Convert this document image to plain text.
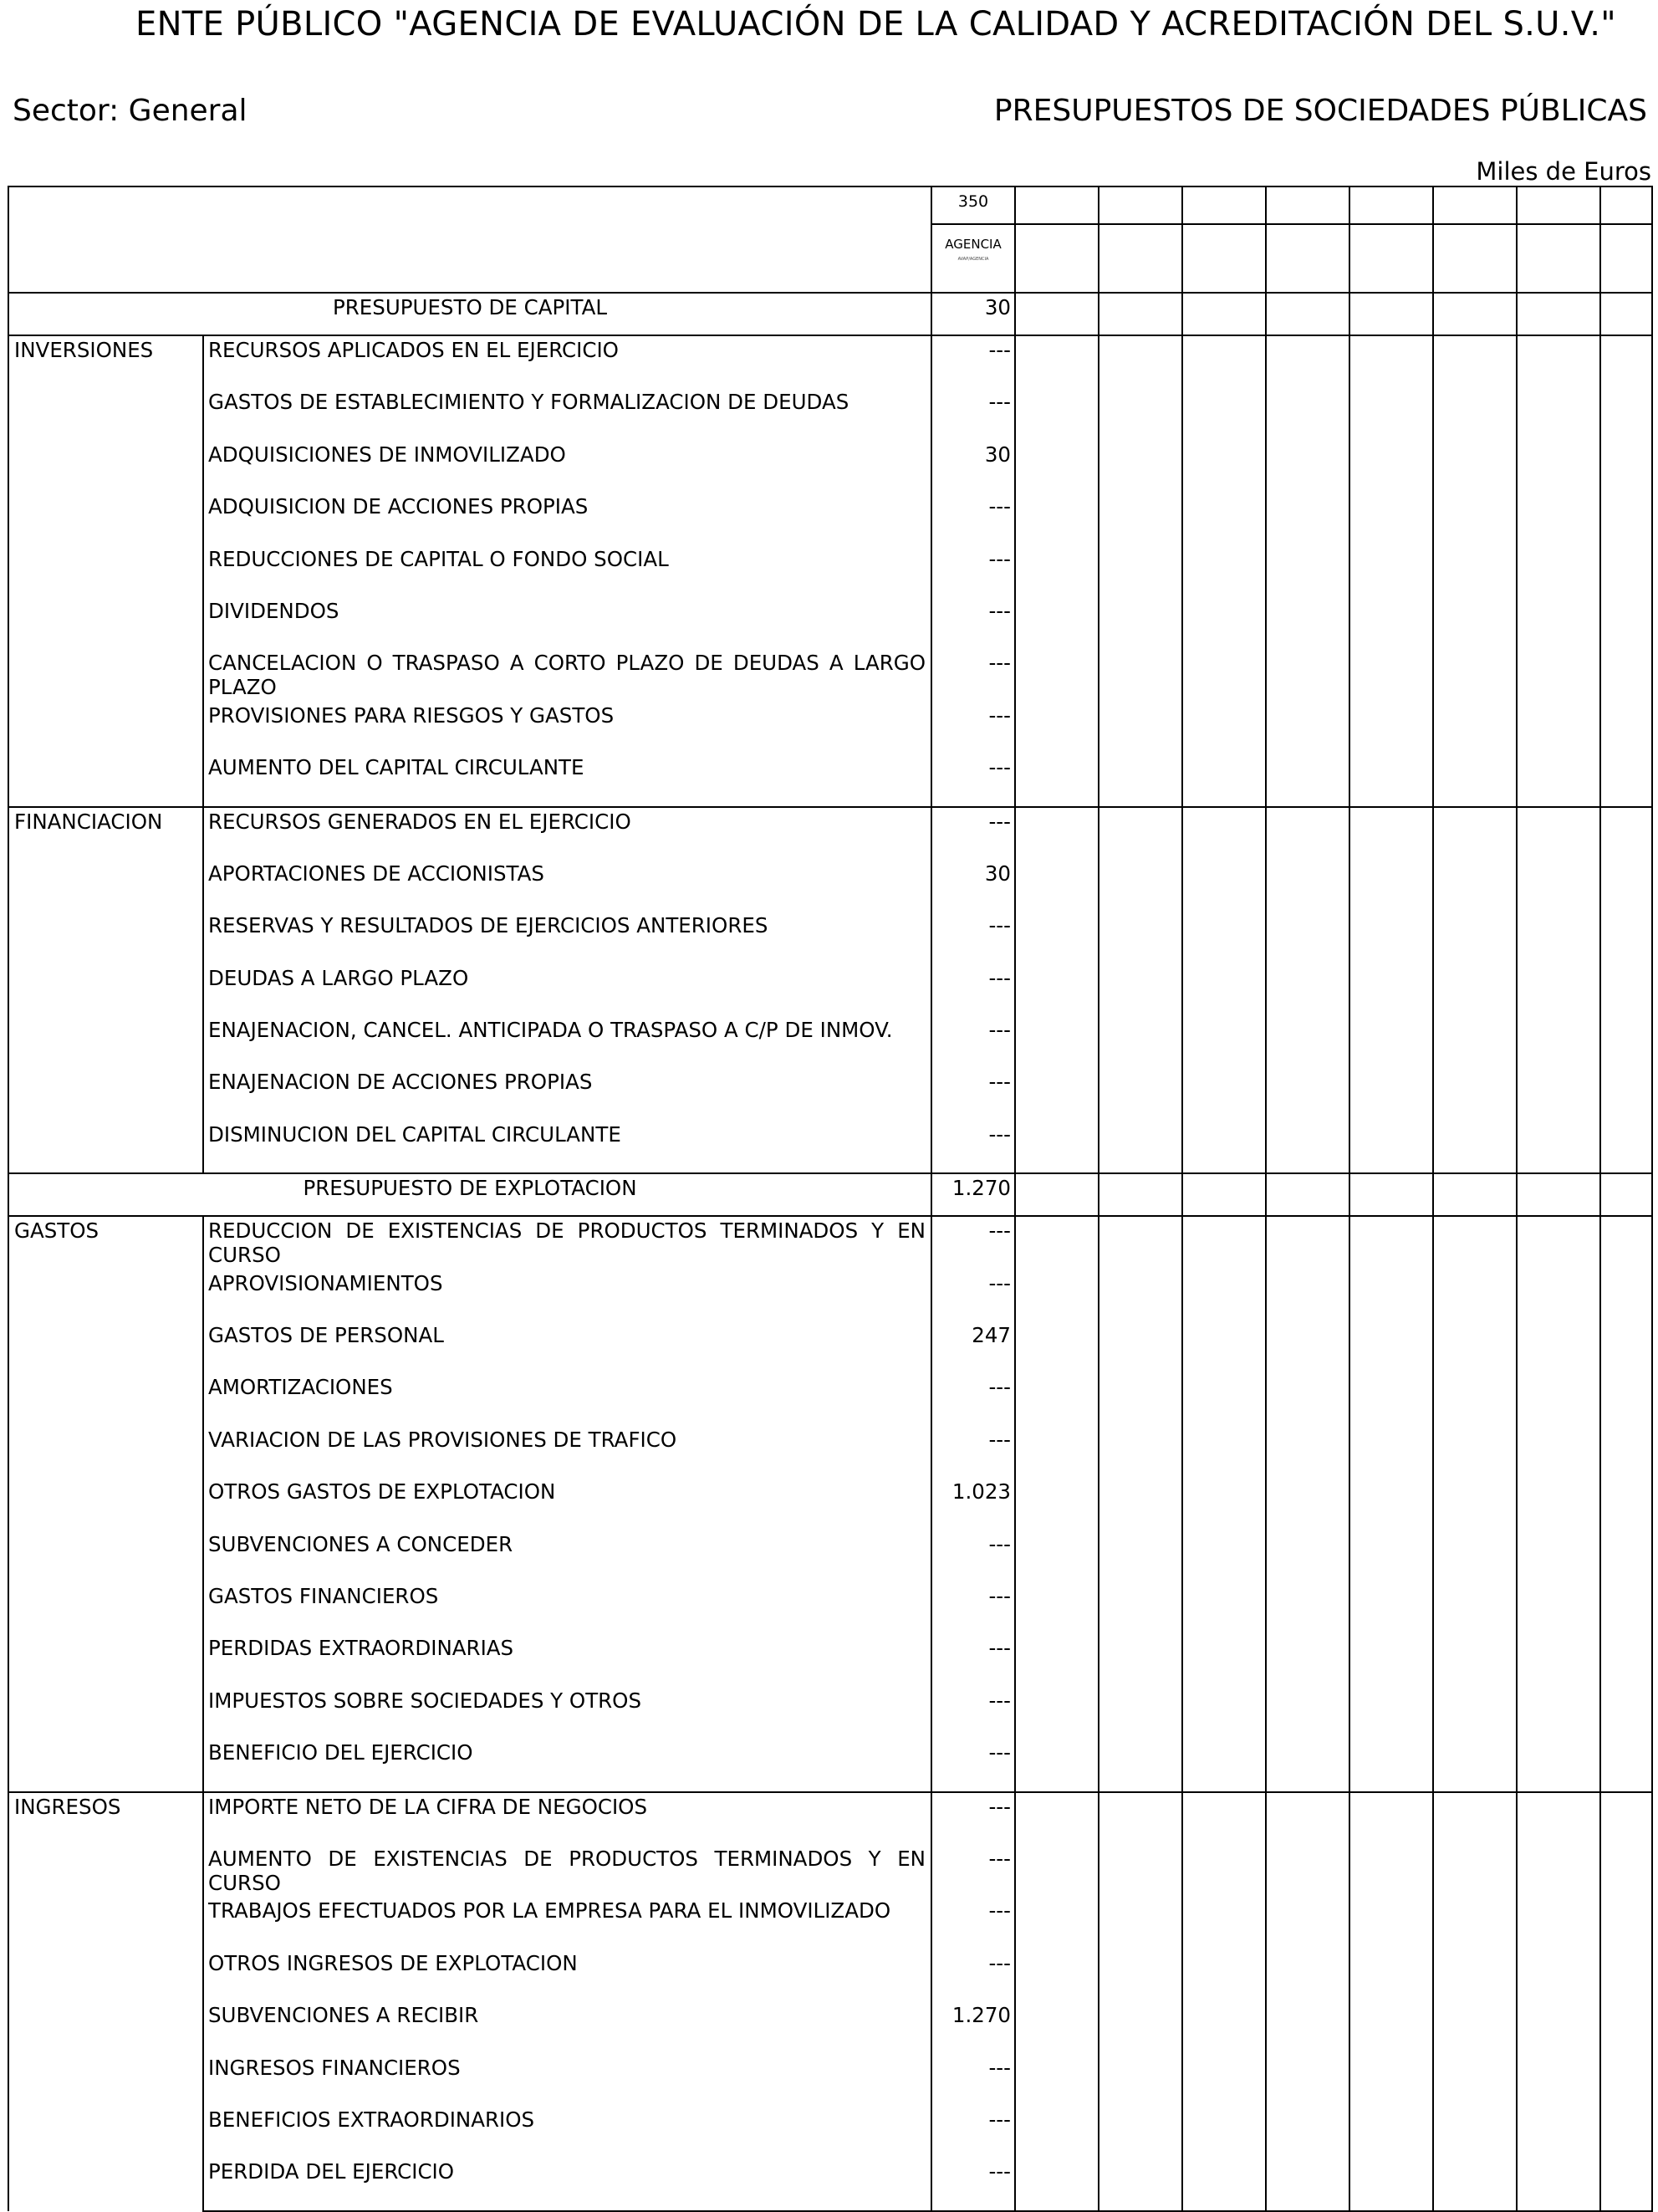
ENTE PÚBLICO "AGENCIA DE EVALUACIÓN DE LA CALIDAD Y ACREDITACIÓN DEL S.U.V."
Sector: General	PRESUPUESTOS DE SOCIEDADES PÚBLICAS
Miles de Euros
		350								
		AGENCIA
AVAP/AGENCIA								

PRESUPUESTO DE CAPITAL		30								
INVERSIONES	RECURSOS APLICADOS EN EL EJERCICIO	---								
	GASTOS DE ESTABLECIMIENTO Y FORMALIZACION DE DEUDAS	---								
	ADQUISICIONES DE INMOVILIZADO	30								
	ADQUISICION DE ACCIONES PROPIAS	---								
	REDUCCIONES DE CAPITAL O FONDO SOCIAL	---								
	DIVIDENDOS	---								
	CANCELACION O TRASPASO A CORTO PLAZO DE DEUDAS A LARGO PLAZO	---								
	PROVISIONES PARA RIESGOS Y GASTOS	---								
	AUMENTO DEL CAPITAL CIRCULANTE	---								
FINANCIACION	RECURSOS GENERADOS EN EL EJERCICIO	---								
	APORTACIONES DE ACCIONISTAS	30								
	RESERVAS Y RESULTADOS DE EJERCICIOS ANTERIORES	---								
	DEUDAS A LARGO PLAZO	---								
	ENAJENACION, CANCEL. ANTICIPADA O TRASPASO A C/P DE INMOV.	---								
	ENAJENACION DE ACCIONES PROPIAS	---								
	DISMINUCION DEL CAPITAL CIRCULANTE	---								
PRESUPUESTO DE EXPLOTACION		1.270								
GASTOS	REDUCCION DE EXISTENCIAS DE PRODUCTOS TERMINADOS Y EN CURSO	---								
	APROVISIONAMIENTOS	---								
	GASTOS DE PERSONAL	247								
	AMORTIZACIONES	---								
	VARIACION DE LAS PROVISIONES DE TRAFICO	---								
	OTROS GASTOS DE EXPLOTACION	1.023								
	SUBVENCIONES A CONCEDER	---								
	GASTOS FINANCIEROS	---								
	PERDIDAS EXTRAORDINARIAS	---								
	IMPUESTOS SOBRE SOCIEDADES Y OTROS	---								
	BENEFICIO DEL EJERCICIO	---								
INGRESOS	IMPORTE NETO DE LA CIFRA DE NEGOCIOS	---								
	AUMENTO DE EXISTENCIAS DE PRODUCTOS TERMINADOS Y EN CURSO	---								
	TRABAJOS EFECTUADOS POR LA EMPRESA PARA EL INMOVILIZADO	---								
	OTROS INGRESOS DE EXPLOTACION	---								
	SUBVENCIONES A RECIBIR	1.270								
	INGRESOS FINANCIEROS	---								
	BENEFICIOS EXTRAORDINARIOS	---								
	PERDIDA DEL EJERCICIO	---								
